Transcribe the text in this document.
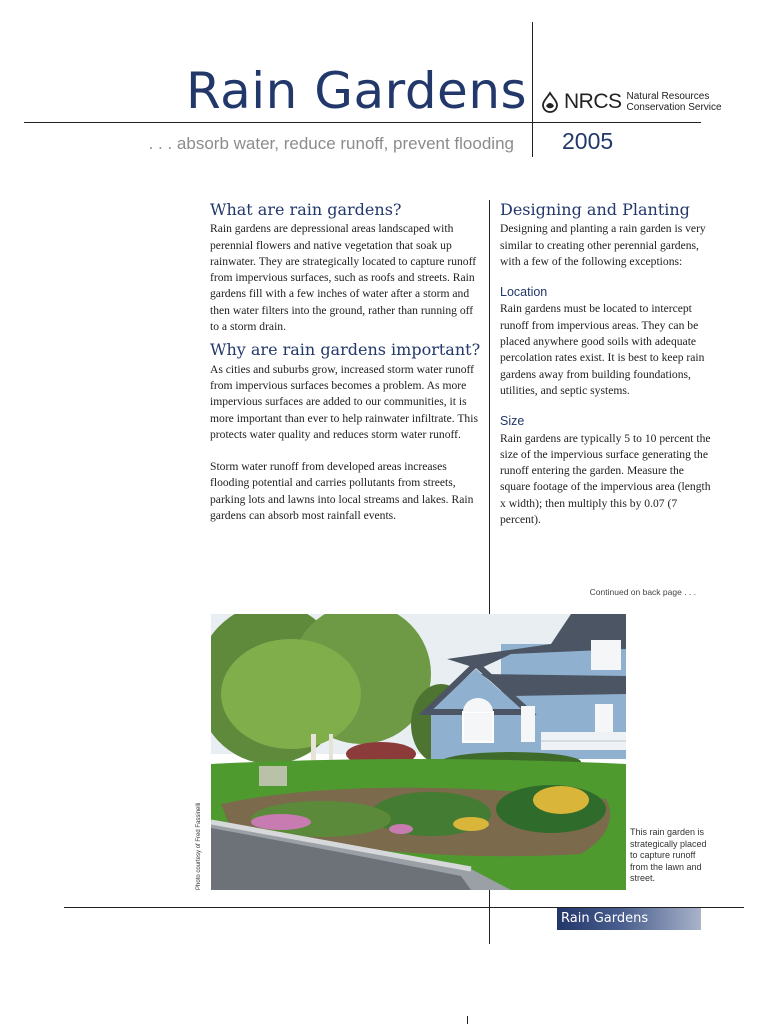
Rain Gardens NRCS Natural Resources
Conservation Service
. . . absorb water, reduce runoff, prevent flooding 2005
What are rain gardens?

Rain gardens are depressional areas landscaped with perennial flowers and native vegetation that soak up rainwater. They are strategically located to capture runoff from impervious surfaces, such as roofs and streets. Rain gardens fill with a few inches of water after a storm and then water filters into the ground, rather than running off to a storm drain.

Why are rain gardens important?

As cities and suburbs grow, increased storm water runoff from impervious surfaces becomes a problem. As more impervious surfaces are added to our communities, it is more important than ever to help rainwater infiltrate. This protects water quality and reduces storm water runoff.

Storm water runoff from developed areas increases flooding potential and carries pollutants from streets, parking lots and lawns into local streams and lakes. Rain gardens can absorb most rainfall events.

Designing and Planting

Designing and planting a rain garden is very similar to creating other perennial gardens, with a few of the following exceptions:

Location

Rain gardens must be located to intercept runoff from impervious areas. They can be placed anywhere good soils with adequate percolation rates exist. It is best to keep rain gardens away from building foundations, utilities, and septic systems.

Size

Rain gardens are typically 5 to 10 percent the size of the impervious surface generating the runoff entering the garden. Measure the square footage of the impervious area (length x width); then multiply this by 0.07 (7 percent).

Continued on back page . . .
Photo courtesy of Fred Fassinelli	This rain garden is strategically placed to capture runoff from the lawn and street.
Rain Gardens
